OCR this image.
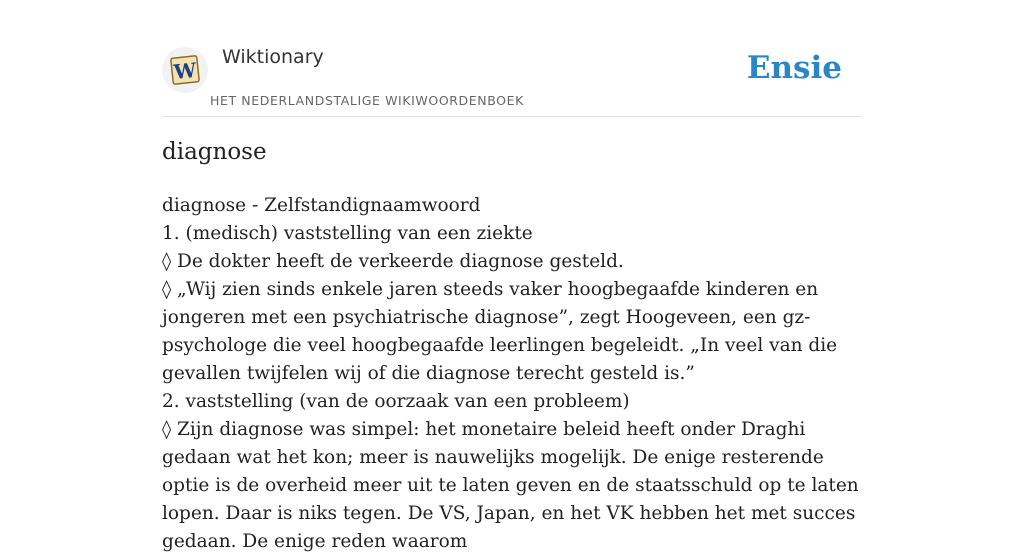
W
Wiktionary
HET NEDERLANDSTALIGE WIKIWOORDENBOEK
Ensie
diagnose

diagnose - Zelfstandignaamwoord

1. (medisch) vaststelling van een ziekte

◊ De dokter heeft de verkeerde diagnose gesteld.

◊ „Wij zien sinds enkele jaren steeds vaker hoogbegaafde kinderen en jongeren met een psychiatrische diagnose”, zegt Hoogeveen, een gz-psychologe die veel hoogbegaafde leerlingen begeleidt. „In veel van die gevallen twijfelen wij of die diagnose terecht gesteld is.”

2. vaststelling (van de oorzaak van een probleem)

◊ Zijn diagnose was simpel: het monetaire beleid heeft onder Draghi gedaan wat het kon; meer is nauwelijks mogelijk. De enige resterende optie is de overheid meer uit te laten geven en de staatsschuld op te laten lopen. Daar is niks tegen. De VS, Japan, en het VK hebben het met succes gedaan. De enige reden waarom
